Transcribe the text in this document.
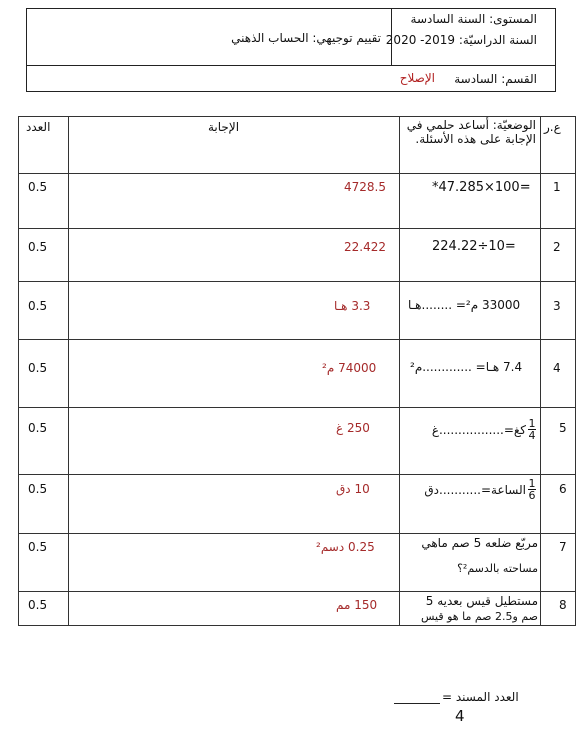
المستوى: السنة السادسة
السنة الدراسيّة: 2019- 2020
تقييم توجيهي: الحساب الذهني
القسم: السادسة
الإصلاح
ع.ر
الوضعيّة: أساعد حلمي في الإجابة على هذه الأسئلة.
الإجابة
العدد
1
*47.285×100=
4728.5
0.5
2
224.22÷10=
22.422
0.5
3
33000 م²= ........هـا
3.3 هـا
0.5
4
7.4 هـا= .............م²
74000 م²
0.5
5
$\frac{1}{4}$
كغ=.................غ
250 غ
0.5
6
$\frac{1}{6}$
الساعة=...........دق
10 دق
0.5
7
مربّع ضلعه 5 صم ماهي
مساحته بالدسم²؟
0.25 دسم²
0.5
8
مستطيل قيس بعديه 5
صم و2.5 صم ما هو قيس
150 مم
0.5
العدد المسند =
4
